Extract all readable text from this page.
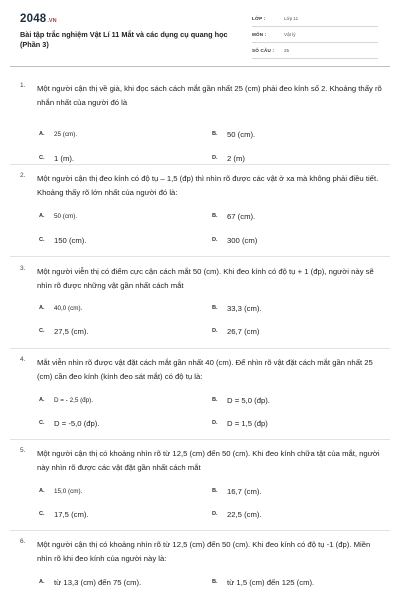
2048.VN
Bài tập trắc nghiệm Vật Lí 11 Mắt và các dụng cụ quang học (Phần 3)
LỚP :	Lớp 11
MÔN :	Vật lý
SỐ CÂU : 25
1. Một người cận thị về già, khi đọc sách cách mắt gần nhất 25 (cm) phải đeo kính số 2. Khoảng thấy rõ nhắn nhất của người đó là
A. 25 (cm).	B. 50 (cm).
C. 1 (m).	D. 2 (m)
2. Một người cận thị đeo kính có độ tụ – 1,5 (đp) thì nhìn rõ được các vật ở xa mà không phải điều tiết. Khoảng thấy rõ lớn nhất của người đó là:
A. 50 (cm).	B. 67 (cm).
C. 150 (cm).	D. 300 (cm)
3. Một người viễn thị có điểm cực cận cách mắt 50 (cm). Khi đeo kính có độ tụ + 1 (đp), người này sẽ nhìn rõ được những vật gần nhất cách mắt
A. 40,0 (cm).	B. 33,3 (cm).
C. 27,5 (cm).	D. 26,7 (cm)
4. Mắt viễn nhìn rõ được vật đặt cách mắt gần nhất 40 (cm). Để nhìn rõ vật đặt cách mắt gần nhất 25 (cm) cần đeo kính (kính đeo sát mắt) có độ tụ là:
A. D = - 2,5 (đp).	B. D = 5,0 (đp).
C. D = -5,0 (đp).	D. D = 1,5 (đp)
5. Một người cận thị có khoảng nhìn rõ từ 12,5 (cm) đến 50 (cm). Khi đeo kính chữa tật của mắt, người này nhìn rõ được các vật đặt gần nhất cách mắt
A. 15,0 (cm).	B. 16,7 (cm).
C. 17,5 (cm).	D. 22,5 (cm).
6. Một người cận thị có khoảng nhìn rõ từ 12,5 (cm) đến 50 (cm). Khi đeo kính có độ tụ -1 (đp). Miền nhìn rõ khi đeo kính của người này là:
A. từ 13,3 (cm) đến 75 (cm).	B. từ 1,5 (cm) đến 125 (cm).
